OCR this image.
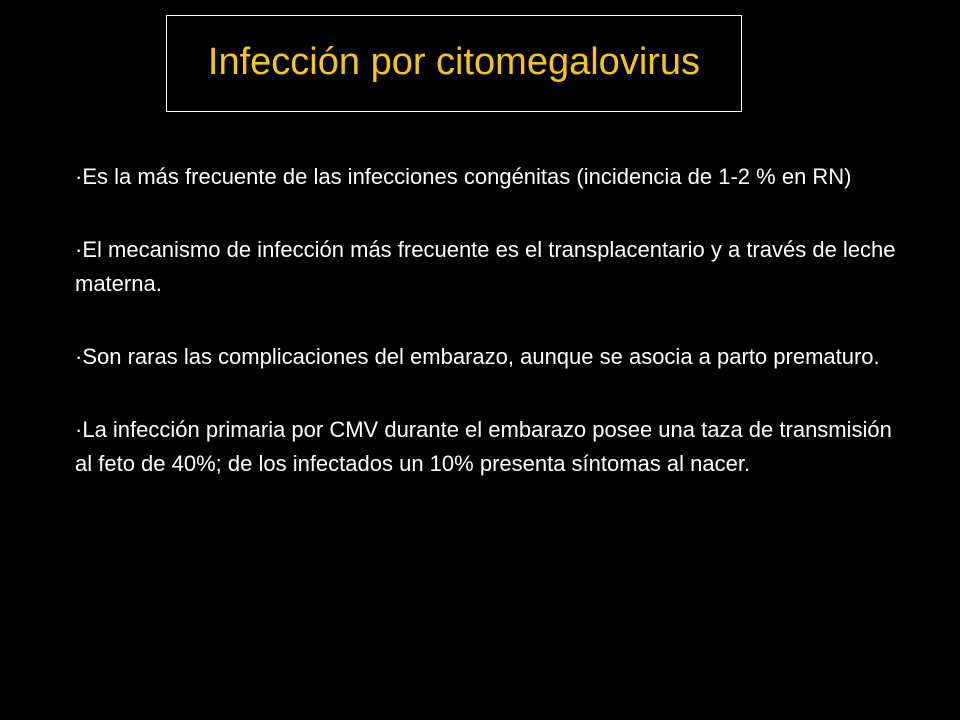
Infección por citomegalovirus
·Es la más frecuente de las infecciones congénitas (incidencia de 1-2 % en RN)
·El mecanismo de infección más frecuente es el transplacentario y a través de leche materna.
·Son raras las complicaciones del embarazo, aunque se asocia a parto prematuro.
·La infección primaria por CMV durante el embarazo posee una taza de transmisión al feto de 40%; de los infectados un 10% presenta síntomas al nacer.
